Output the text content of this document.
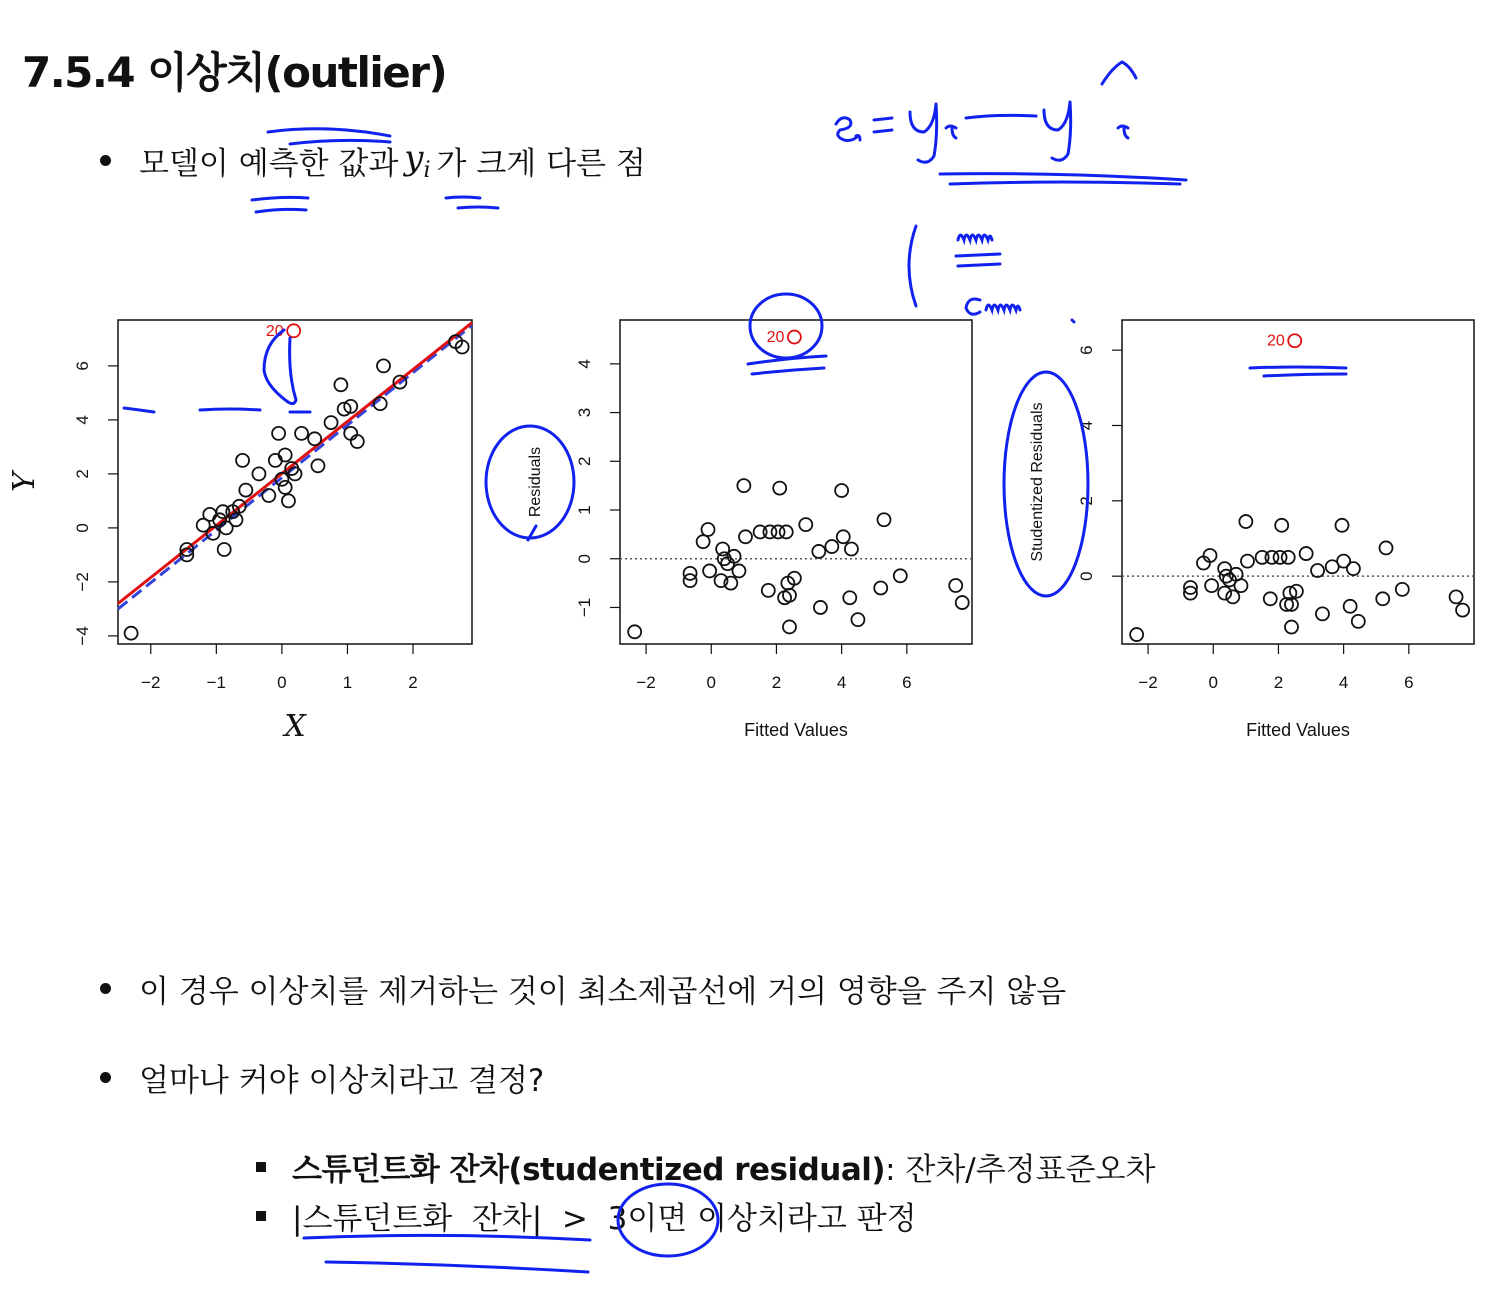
7.5.4 이상치(outlier)
모델이 예측한 값과 $y_i$ 가 크게 다른 점
−2	−1	0	1	2
−4
−2
0
2
4
6
X
Y
20
−2	0	2	4	6
−1
0
1
2
3
4
Fitted Values
Residuals
20
−2	0	2	4	6
0
2
4
6
Fitted Values
Studentized Residuals
20
이 경우 이상치를 제거하는 것이 최소제곱선에 거의 영향을 주지 않음
얼마나 커야 이상치라고 결정?
스튜던트화 잔차(studentized residual) : 잔차/추정표준오차
|스튜던트화  잔차|  >  3이면 이상치라고 판정
